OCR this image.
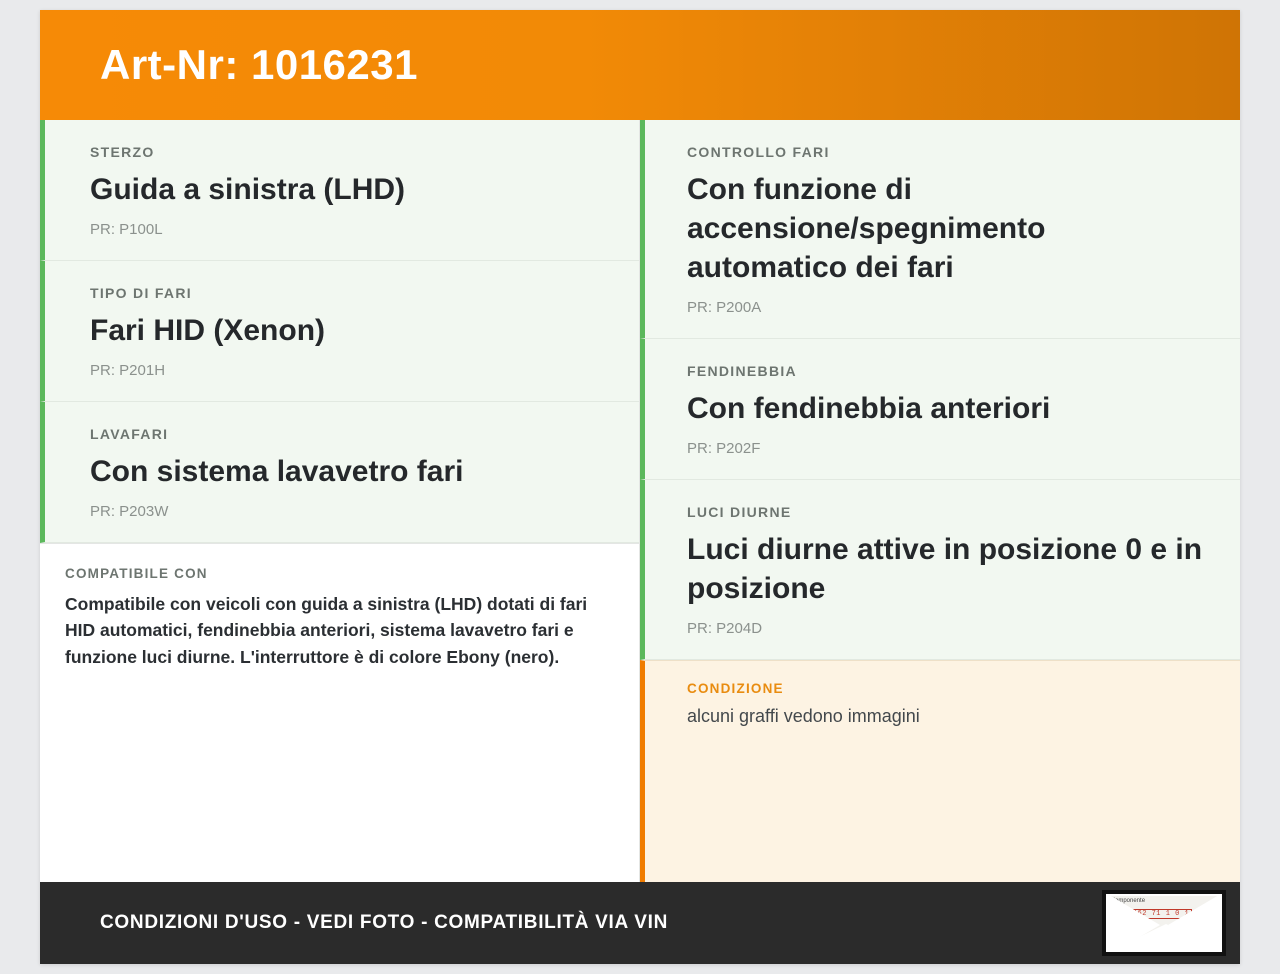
Art-Nr: 1016231
STERZO
Guida a sinistra (LHD)
PR: P100L
TIPO DI FARI
Fari HID (Xenon)
PR: P201H
LAVAFARI
Con sistema lavavetro fari
PR: P203W
COMPATIBILE CON
Compatibile con veicoli con guida a sinistra (LHD) dotati di fari HID automatici, fendinebbia anteriori, sistema lavavetro fari e funzione luci diurne. L'interruttore è di colore Ebony (nero).
CONTROLLO FARI
Con funzione di accensione/spegnimento automatico dei fari
PR: P200A
FENDINEBBIA
Con fendinebbia anteriori
PR: P202F
LUCI DIURNE
Luci diurne attive in posizione 0 e in posizione
PR: P204D
CONDIZIONE
alcuni graffi vedono immagini
CONDIZIONI D'USO - VEDI FOTO - COMPATIBILITÀ VIA VIN
Komponente
W 71462 71 1 0 1
Merc...-Benz
